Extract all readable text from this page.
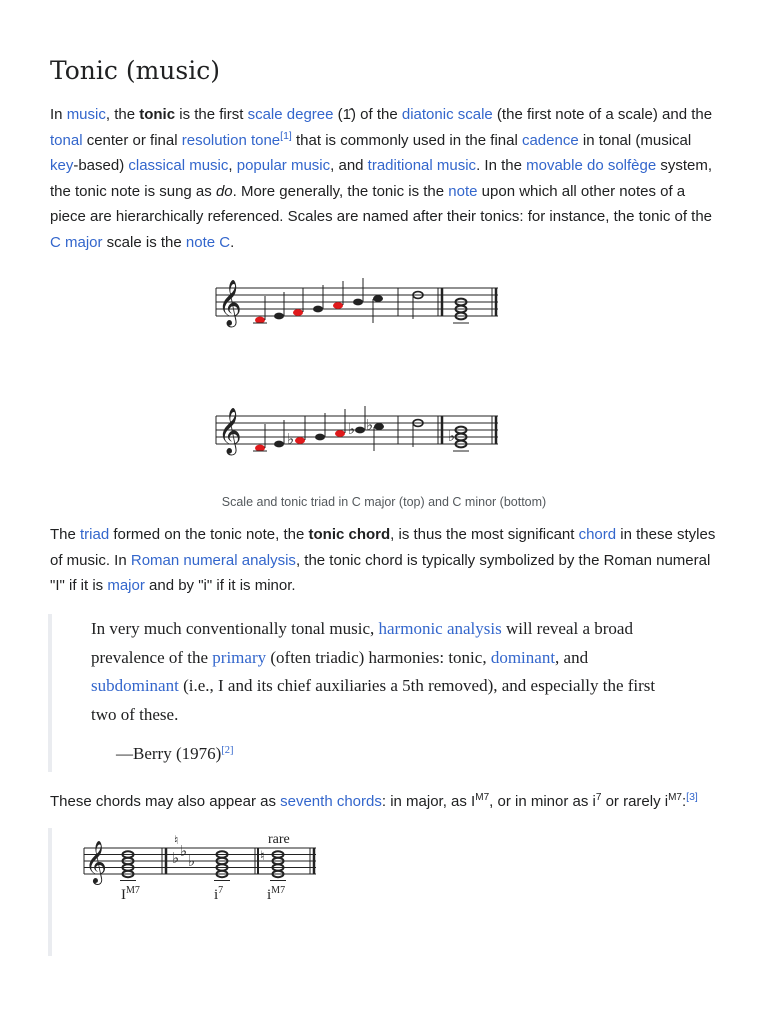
Tonic (music)

In music, the tonic is the first scale degree (1̂) of the diatonic scale (the first note of a scale) and the tonal center or final resolution tone[1] that is commonly used in the final cadence in tonal (musical key-based) classical music, popular music, and traditional music. In the movable do solfège system, the tonic note is sung as do. More generally, the tonic is the note upon which all other notes of a piece are hierarchically referenced. Scales are named after their tonics: for instance, the tonic of the C major scale is the note C.

𝄞
𝄞	♭
♭ ♭
♭
Scale and tonic triad in C major (top) and C minor (bottom)

The triad formed on the tonic note, the tonic chord, is thus the most significant chord in these styles of music. In Roman numeral analysis, the tonic chord is typically symbolized by the Roman numeral "I" if it is major and by "i" if it is minor.

In very much conventionally tonal music, harmonic analysis will reveal a broad prevalence of the primary (often triadic) harmonies: tonic, dominant, and subdominant (i.e., I and its chief auxiliaries a 5th removed), and especially the first two of these.
—Berry (1976)[2]

These chords may also appear as seventh chords: in major, as $I^{M7}$, or in minor as $i^7$ or rarely $i^{M7}:[3]$

𝄞
♮
♭ ♭
♭	♮
rare
$I^{M7}$	$i^7$	$i^{M7}$
